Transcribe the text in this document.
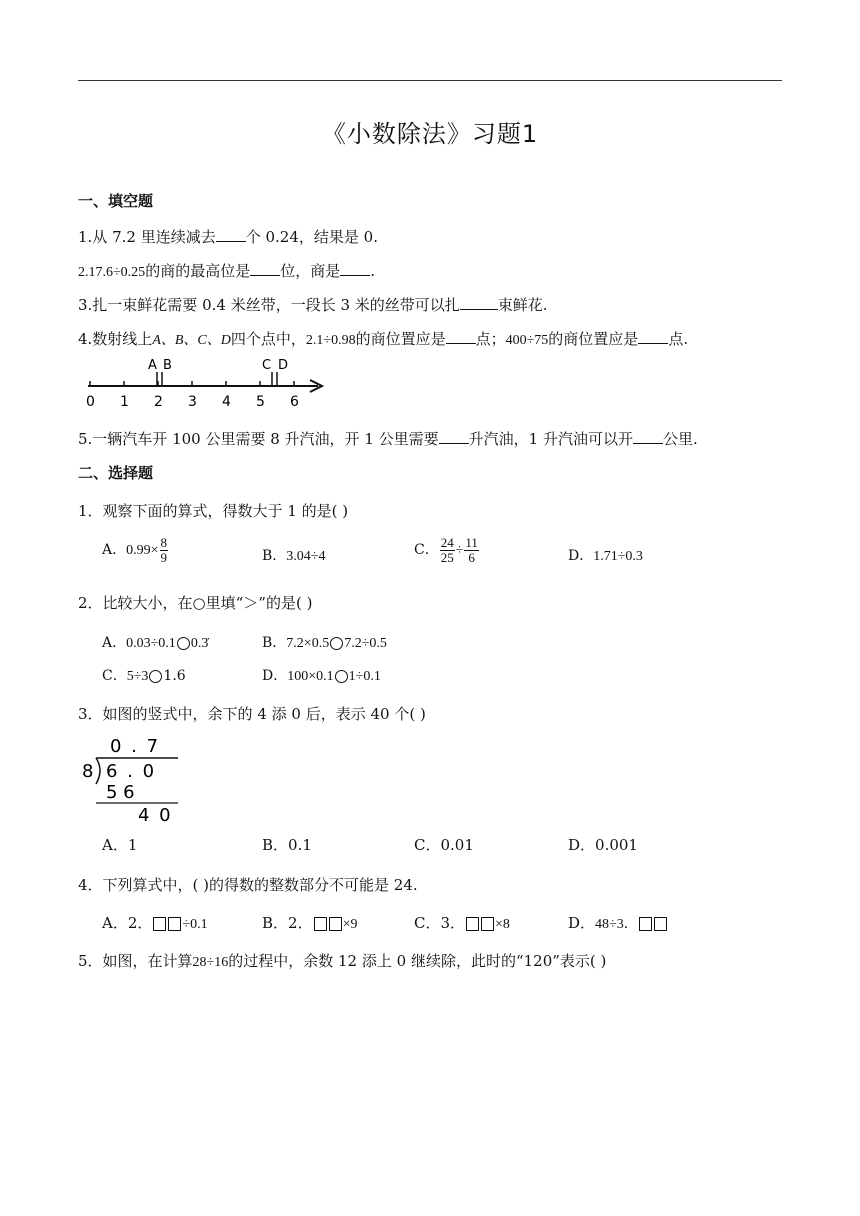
《小数除法》习题1
一、填空题
1.从 7.2 里连续减去 个 0.24，结果是 0.
2.17.6÷0.25的商的最高位是 位，商是 .
3.扎一束鲜花需要 0.4 米丝带，一段长 3 米的丝带可以扎	束鲜花.
4.数射线上A、B、C、D四个点中，2.1÷0.98的商位置应是 点；400÷75的商位置应是 点.
0 1 2 3 4 5 6
A B	C D
5.一辆汽车开 100 公里需要 8 升汽油，开 1 公里需要 升汽油，1 升汽油可以开 公里.
二、选择题
1．观察下面的算式，得数大于 1 的是( )
A．$0.99\times \frac{8}{9}$	B．3.04÷4	C． $\frac{24}{25} \div \frac{11}{6}$	D．1.71÷0.3
2．比较大小，在○里填“＞”的是( )
A．0.03÷0.1 0.3̇	B．7.2×0.5 7.2÷0.5
C．5÷3 1.6	D．100×0.1 1÷0.1
3．如图的竖式中，余下的 4 添 0 后，表示 40 个( )
0 . 7
8 6 . 0
5 6
4 0
A．1	B．0.1	C．0.01	D．0.001
4．下列算式中，( )的得数的整数部分不可能是 24.
A．2． ÷0.1	B．2． ×9	C．3． ×8	D．48÷3．
5．如图，在计算28÷16的过程中，余数 12 添上 0 继续除，此时的“120”表示( )
